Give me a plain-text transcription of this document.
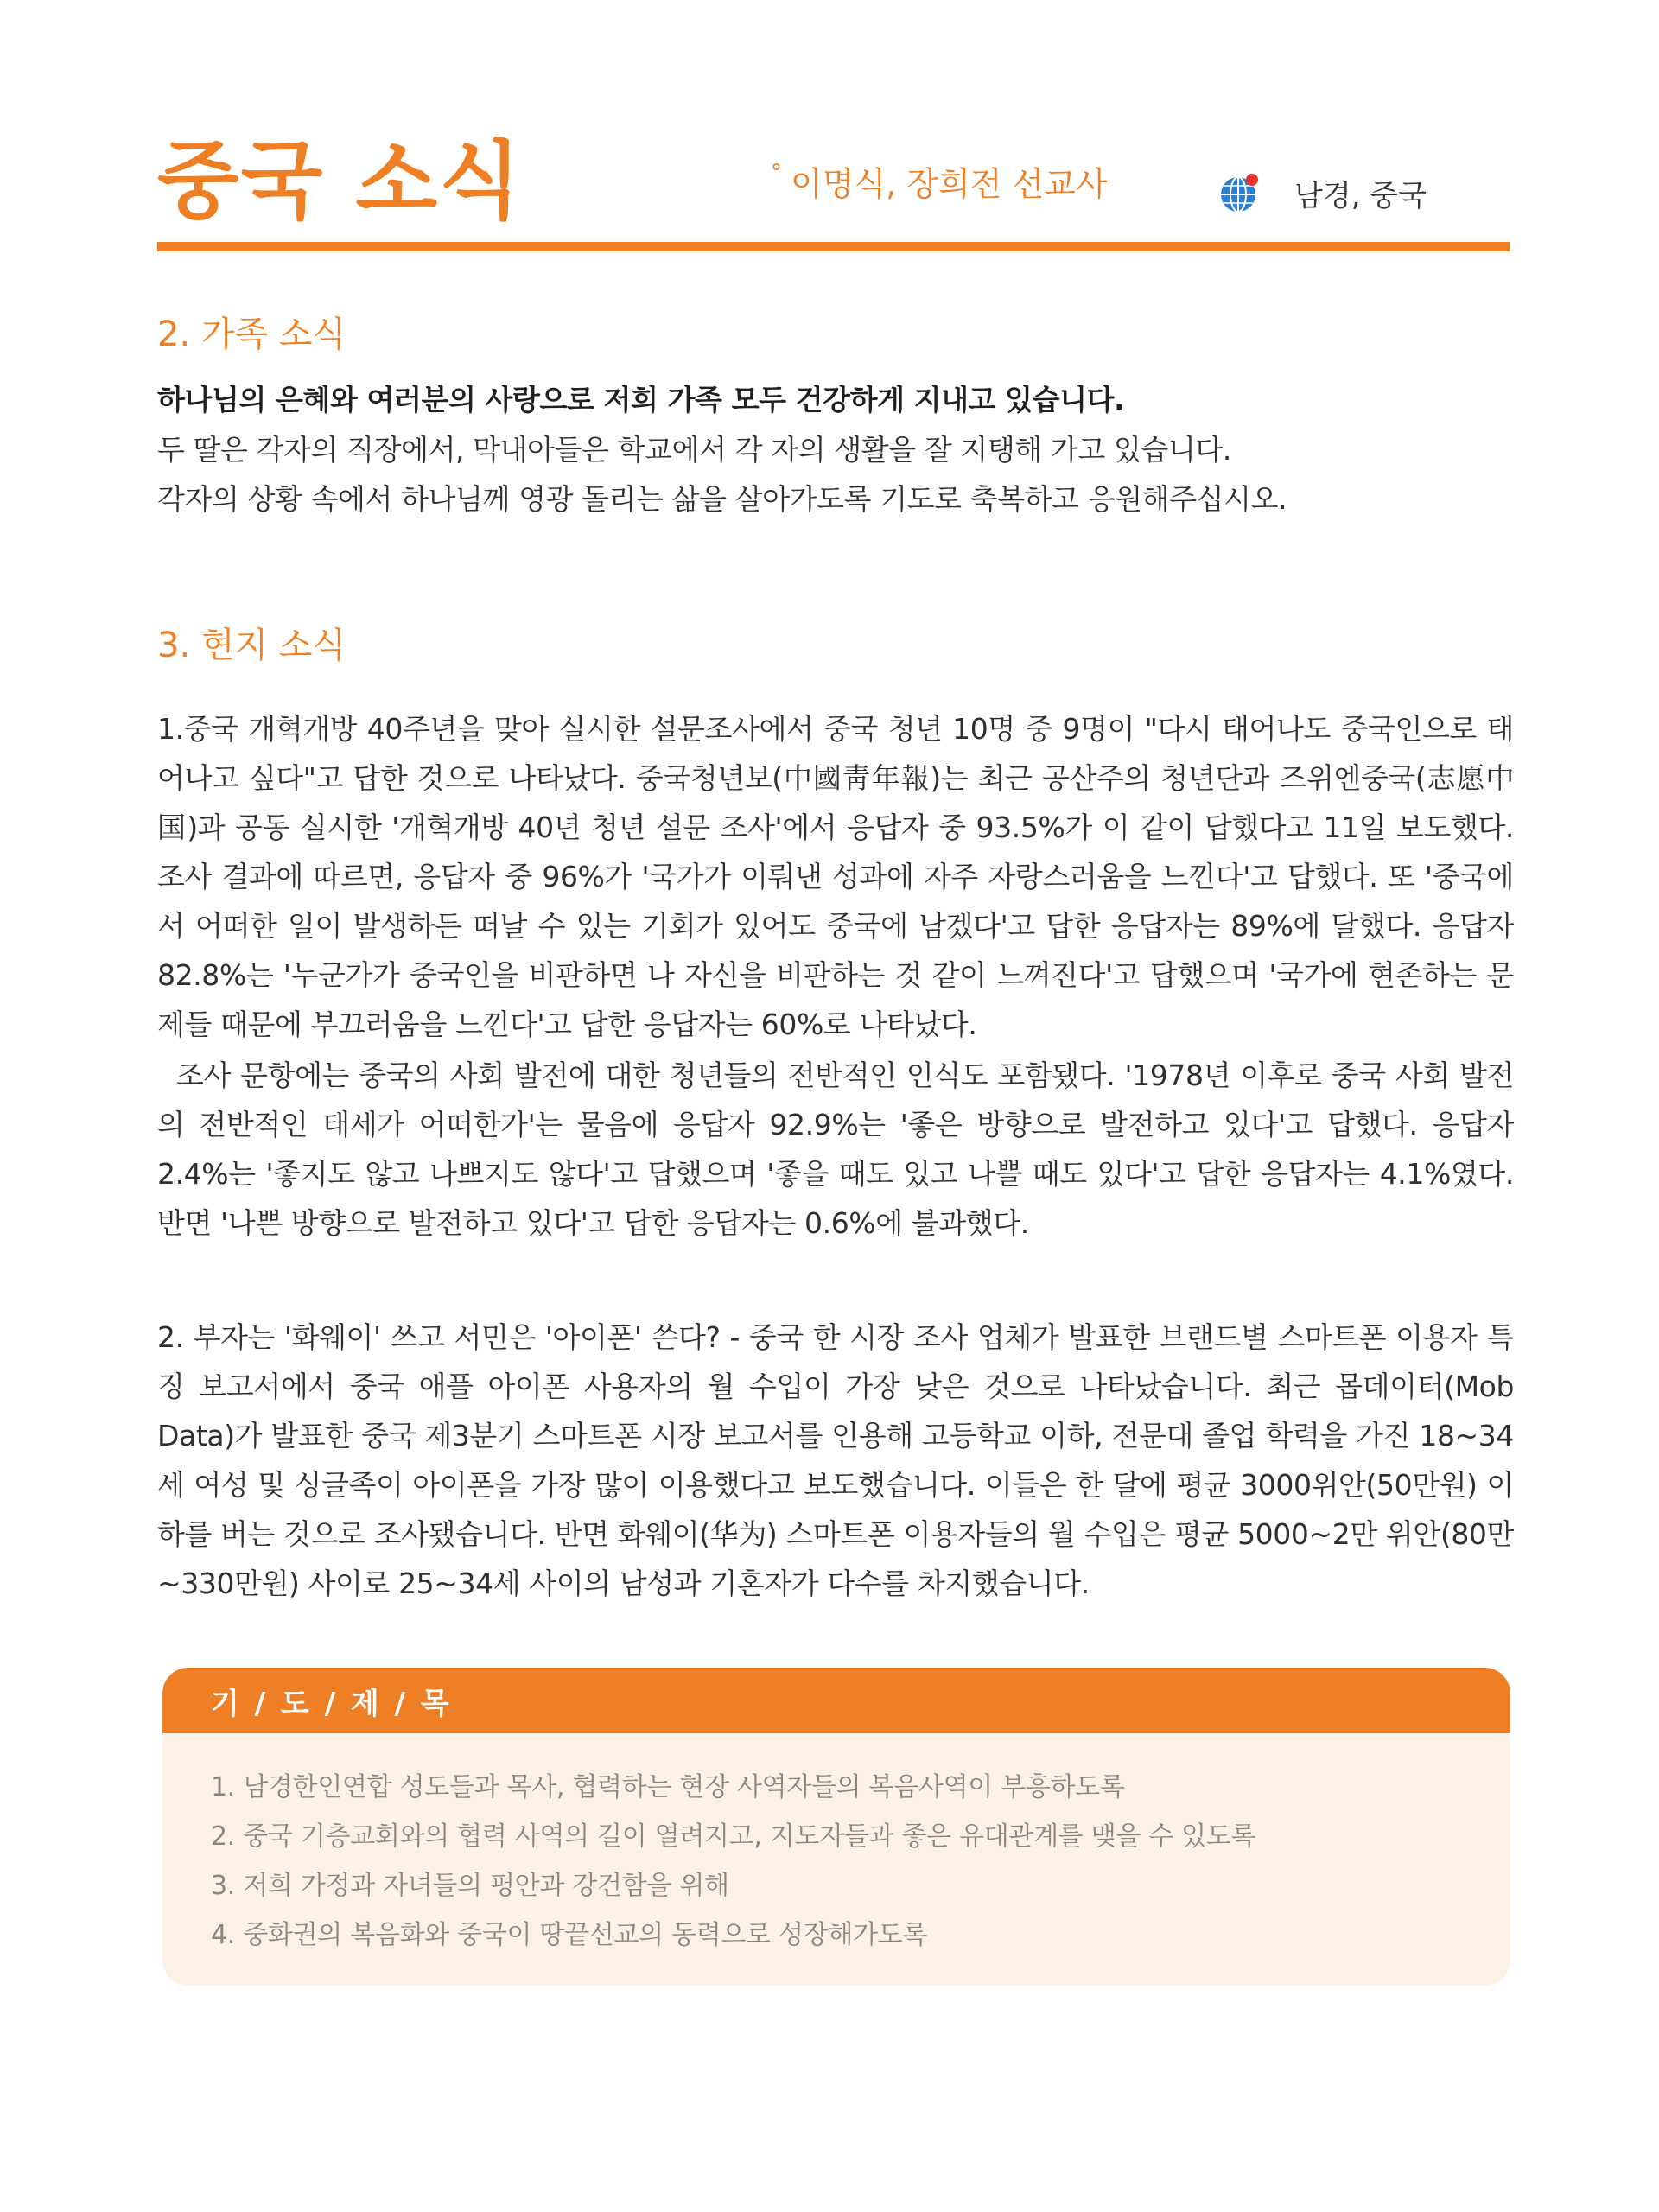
중국 소식	° 이명식, 장희전 선교사	남경, 중국
2. 가족 소식
하나님의 은혜와 여러분의 사랑으로 저희 가족 모두 건강하게 지내고 있습니다.
두 딸은 각자의 직장에서, 막내아들은 학교에서 각 자의 생활을 잘 지탱해 가고 있습니다.
각자의 상황 속에서 하나님께 영광 돌리는 삶을 살아가도록 기도로 축복하고 응원해주십시오.
3. 현지 소식
1.중국 개혁개방 40주년을 맞아 실시한 설문조사에서 중국 청년 10명 중 9명이 "다시 태어나도 중국인으로 태어나고 싶다"고 답한 것으로 나타났다. 중국청년보(中國靑年報)는 최근 공산주의 청년단과 즈위엔중국(志愿中国)과 공동 실시한 '개혁개방 40년 청년 설문 조사'에서 응답자 중 93.5%가 이 같이 답했다고 11일 보도했다. 조사 결과에 따르면, 응답자 중 96%가 '국가가 이뤄낸 성과에 자주 자랑스러움을 느낀다'고 답했다. 또 '중국에서 어떠한 일이 발생하든 떠날 수 있는 기회가 있어도 중국에 남겠다'고 답한 응답자는 89%에 달했다. 응답자 82.8%는 '누군가가 중국인을 비판하면 나 자신을 비판하는 것 같이 느껴진다'고 답했으며 '국가에 현존하는 문제들 때문에 부끄러움을 느낀다'고 답한 응답자는 60%로 나타났다.
조사 문항에는 중국의 사회 발전에 대한 청년들의 전반적인 인식도 포함됐다. '1978년 이후로 중국 사회 발전의 전반적인 태세가 어떠한가'는 물음에 응답자 92.9%는 '좋은 방향으로 발전하고 있다'고 답했다. 응답자 2.4%는 '좋지도 않고 나쁘지도 않다'고 답했으며 '좋을 때도 있고 나쁠 때도 있다'고 답한 응답자는 4.1%였다. 반면 '나쁜 방향으로 발전하고 있다'고 답한 응답자는 0.6%에 불과했다.
2. 부자는 '화웨이' 쓰고 서민은 '아이폰' 쓴다? - 중국 한 시장 조사 업체가 발표한 브랜드별 스마트폰 이용자 특징 보고서에서 중국 애플 아이폰 사용자의 월 수입이 가장 낮은 것으로 나타났습니다. 최근 몹데이터(Mob Data)가 발표한 중국 제3분기 스마트폰 시장 보고서를 인용해 고등학교 이하, 전문대 졸업 학력을 가진 18~34세 여성 및 싱글족이 아이폰을 가장 많이 이용했다고 보도했습니다. 이들은 한 달에 평균 3000위안(50만원) 이하를 버는 것으로 조사됐습니다. 반면 화웨이(华为) 스마트폰 이용자들의 월 수입은 평균 5000~2만 위안(80만~330만원) 사이로 25~34세 사이의 남성과 기혼자가 다수를 차지했습니다.
기 / 도 / 제 / 목
1. 남경한인연합 성도들과 목사, 협력하는 현장 사역자들의 복음사역이 부흥하도록
2. 중국 기층교회와의 협력 사역의 길이 열려지고, 지도자들과 좋은 유대관계를 맺을 수 있도록
3. 저희 가정과 자녀들의 평안과 강건함을 위해
4. 중화권의 복음화와 중국이 땅끝선교의 동력으로 성장해가도록
